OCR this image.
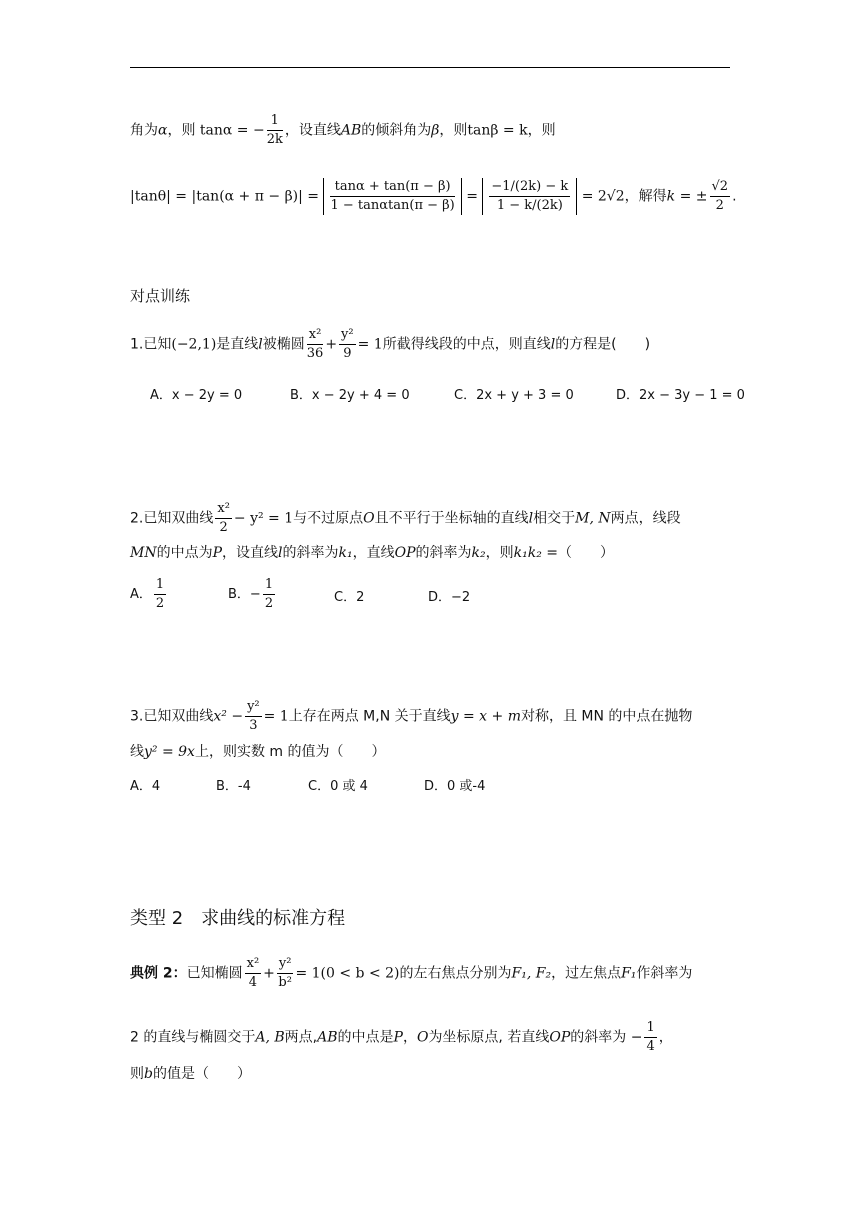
角为α，则 tanα = − $\frac{1}{2k}$ ，设直线AB的倾斜角为β，则tanβ = k，则
$|\tan\theta| = |\tan(\alpha + \pi - \beta)| = \frac{\tan\alpha + \tan(\pi - \beta)}{1 - \tan\alpha\tan(\pi - \beta)} = \frac{-1/(2k) - k}{1 - k/(2k)} = 2√2$，解得k = ± $\frac{√2}{2}$ .
对点训练
1.已知(−2,1)是直线l被椭圆 $\frac{\text{x²}}{36} + \frac{\text{y²}}{9} = 1$所截得线段的中点，则直线l的方程是(　　)
A．x − 2y = 0	B．x − 2y + 4 = 0	C．2x + y + 3 = 0	D．2x − 3y − 1 = 0
2.已知双曲线 $\frac{\text{x²}}{2} - y^2 = 1$与不过原点O且不平行于坐标轴的直线l相交于M, N两点，线段
MN的中点为P，设直线l的斜率为k₁，直线OP的斜率为k₂，则k₁k₂ =（　　）
A． $\frac{1}{2}$	B．− $\frac{1}{2}$	C．2	D．−2
3.已知双曲线$x^2 - \frac{\text{y²}}{3} = 1$上存在两点 M,N 关于直线y = x + m对称，且 MN 的中点在抛物
线y² = 9x上，则实数 m 的值为（　　）
A．4	B．-4	C．0 或 4	D．0 或-4
类型 2　求曲线的标准方程
典例 2：已知椭圆 $\frac{\text{x²}}{4} + \frac{\text{y²}}{\text{b²}} = 1(0 < b < 2)$的左右焦点分别为F₁, F₂，过左焦点F₁作斜率为
2 的直线与椭圆交于A, B两点,AB的中点是P，O为坐标原点, 若直线OP的斜率为 − $\frac{1}{4}$ ，
则b的值是（　　）
